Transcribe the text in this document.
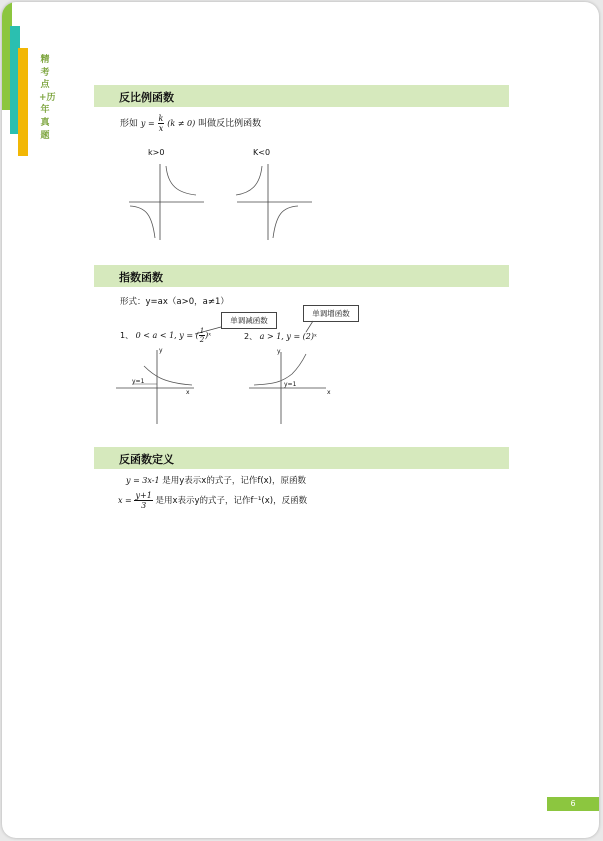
精考点+历年真题
反比例函数
形如 $y = \frac{k}{x} (k \ne 0)$ 叫做反比例函数
k>0	K<0
指数函数
形式：y=ax（a>0，a≠1）
单调减函数
单调增函数
1、 0 < a < 1, y = ( $\frac{1}{2}$ )ˣ	2、 a > 1, y = (2)ˣ
y
x
y=1
y
x
y=1
反函数定义
y = 3x-1 是用y表示x的式子，记作f(x)，原函数
$x = \frac{y+1}{3}$ 是用x表示y的式子，记作f⁻¹(x)，反函数
6
